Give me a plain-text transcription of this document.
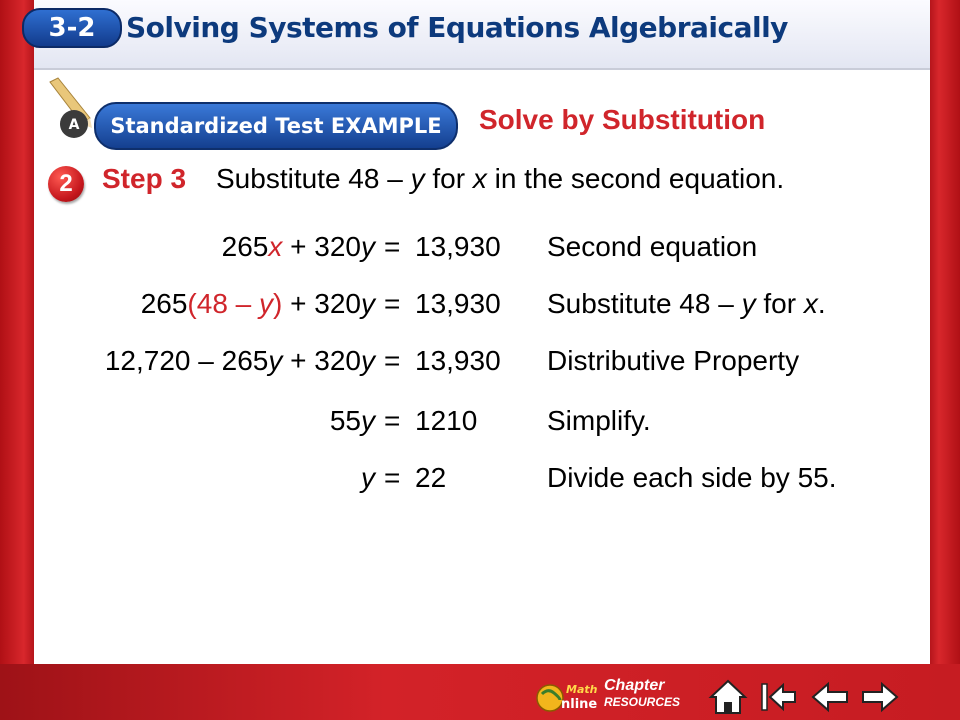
3-2	Solving Systems of Equations Algebraically
A	Standardized Test EXAMPLE	Solve by Substitution
2	Step 3 Substitute 48 – y for x in the second equation.
265x + 320y = 13,930 Second equation
265(48 – y) + 320y = 13,930 Substitute 48 – y for x.
12,720 – 265y + 320y = 13,930 Distributive Property
55y = 1210 Simplify.
y = 22	Divide each side by 55.
Math
nline
Chapter
RESOURCES
